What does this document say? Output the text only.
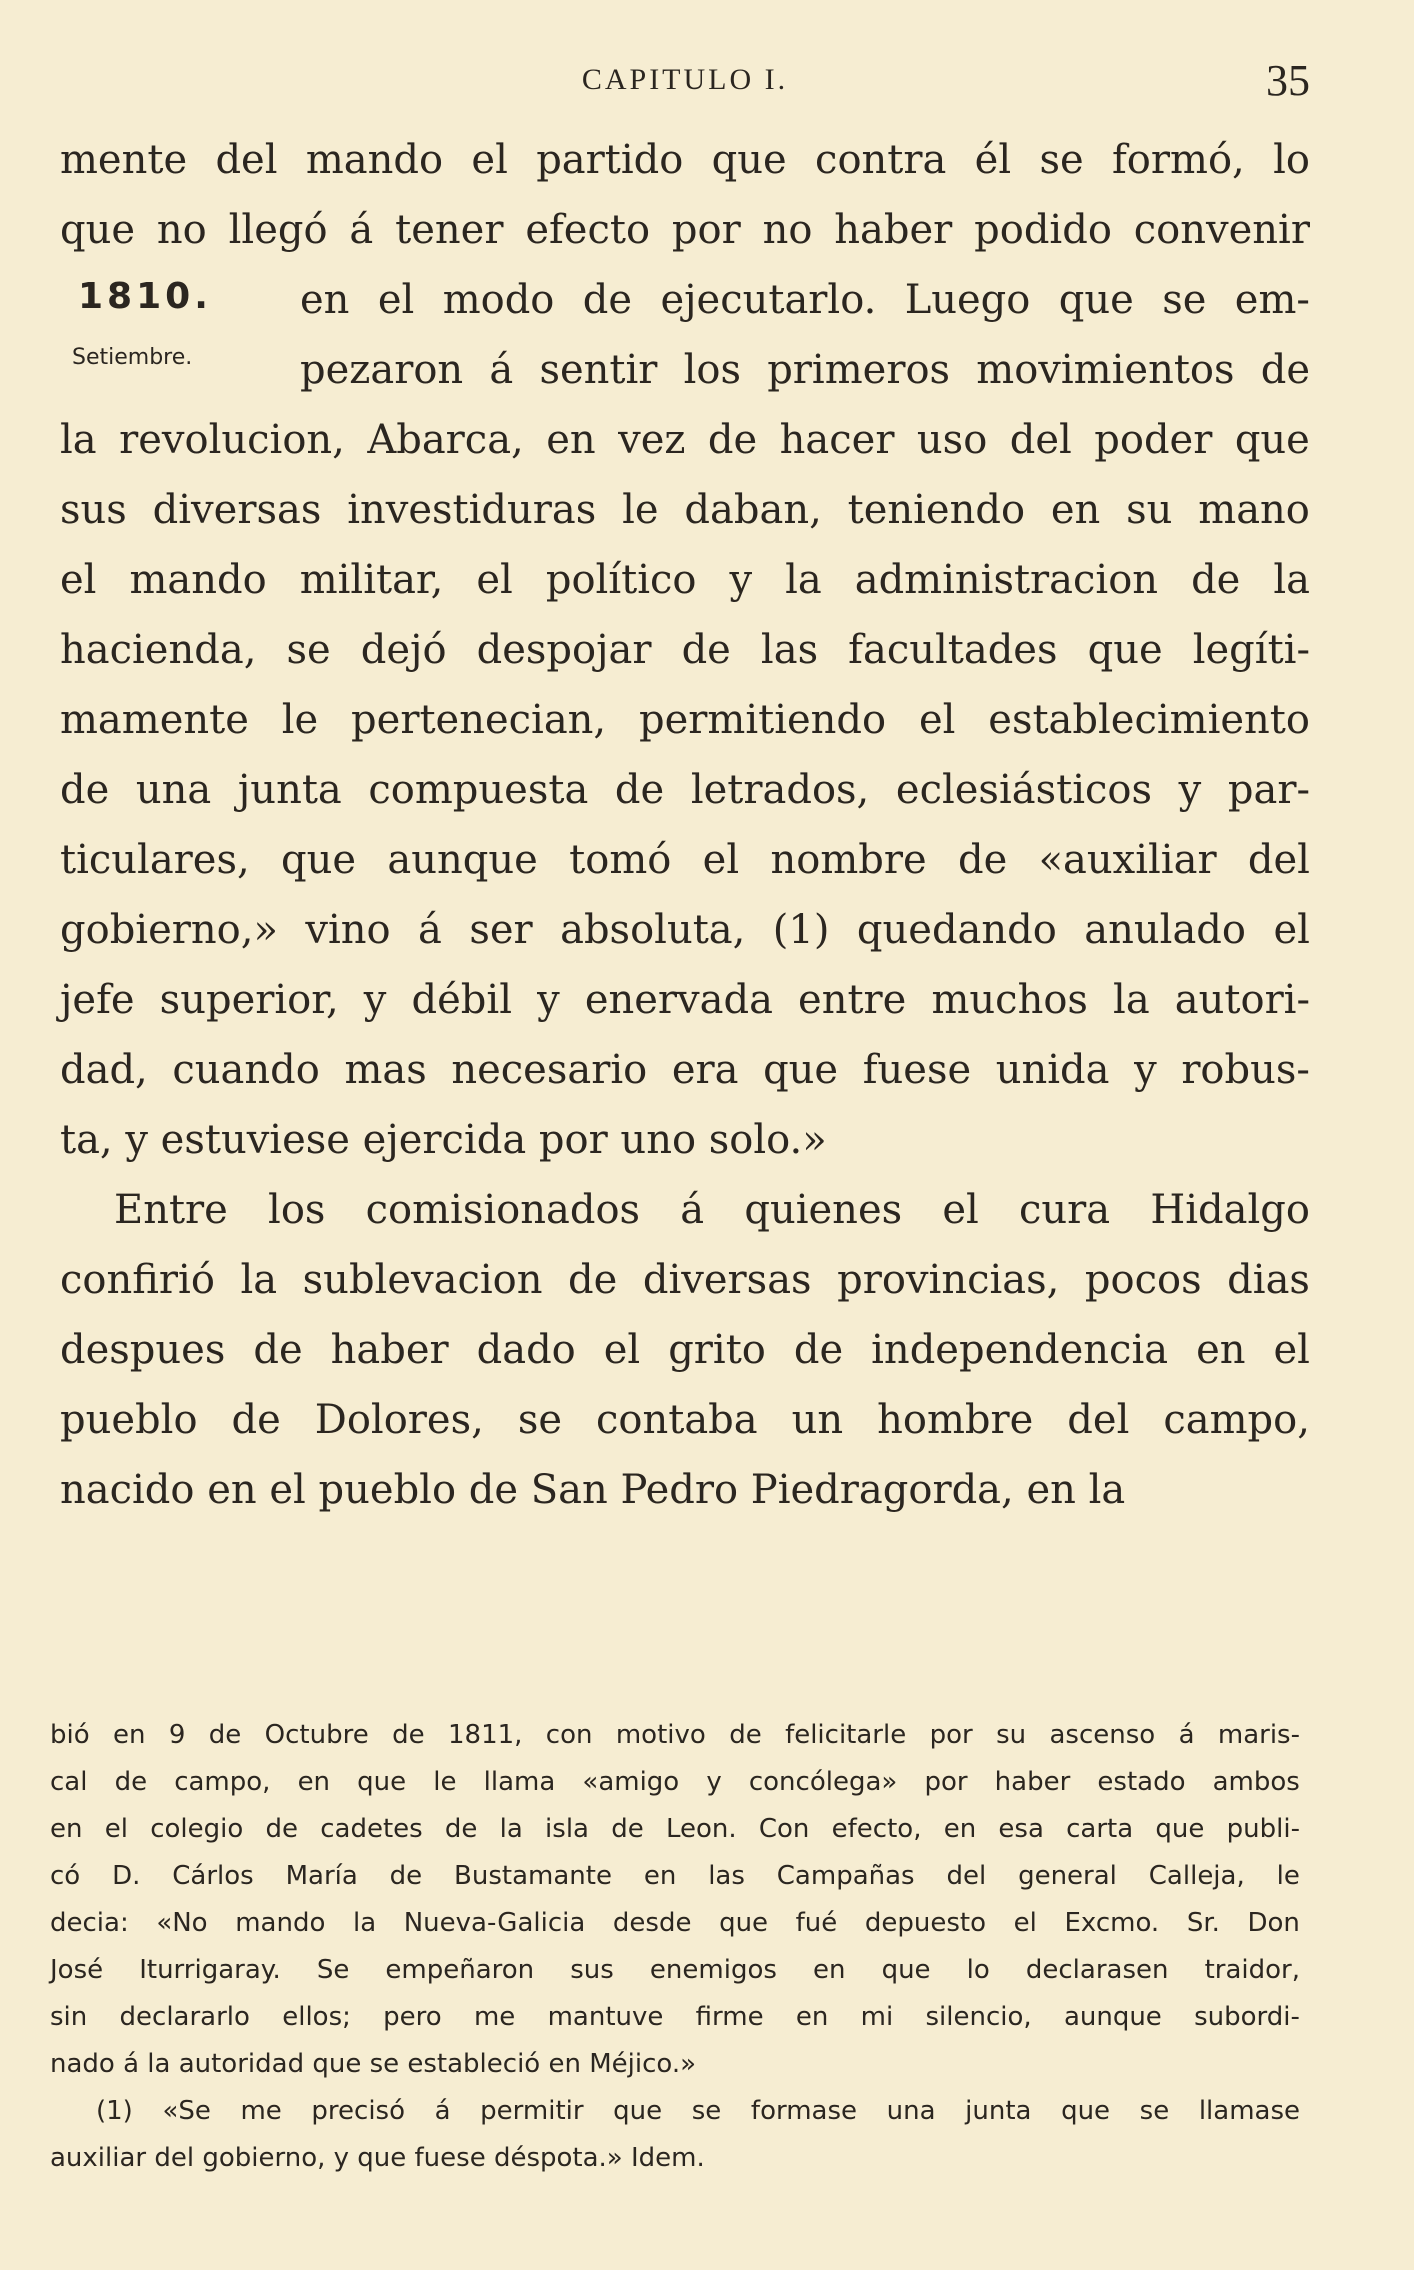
CAPITULO I.	35
1810.
Setiembre.
mente del mando el partido que contra él se formó, lo
que no llegó á tener efecto por no haber podido convenir
en el modo de ejecutarlo. Luego que se em-
pezaron á sentir los primeros movimientos de
la revolucion, Abarca, en vez de hacer uso del poder que
sus diversas investiduras le daban, teniendo en su mano
el mando militar, el político y la administracion de la
hacienda, se dejó despojar de las facultades que legíti-
mamente le pertenecian, permitiendo el establecimiento
de una junta compuesta de letrados, eclesiásticos y par-
ticulares, que aunque tomó el nombre de «auxiliar del
gobierno,» vino á ser absoluta, (1) quedando anulado el
jefe superior, y débil y enervada entre muchos la autori-
dad, cuando mas necesario era que fuese unida y robus-
ta, y estuviese ejercida por uno solo.»
Entre los comisionados á quienes el cura Hidalgo
confirió la sublevacion de diversas provincias, pocos dias
despues de haber dado el grito de independencia en el
pueblo de Dolores, se contaba un hombre del campo,
nacido en el pueblo de San Pedro Piedragorda, en la
bió en 9 de Octubre de 1811, con motivo de felicitarle por su ascenso á maris-
cal de campo, en que le llama «amigo y concólega» por haber estado ambos
en el colegio de cadetes de la isla de Leon. Con efecto, en esa carta que publi-
có D. Cárlos María de Bustamante en las Campañas del general Calleja, le
decia: «No mando la Nueva-Galicia desde que fué depuesto el Excmo. Sr. Don
José Iturrigaray. Se empeñaron sus enemigos en que lo declarasen traidor,
sin declararlo ellos; pero me mantuve firme en mi silencio, aunque subordi-
nado á la autoridad que se estableció en Méjico.»
(1) «Se me precisó á permitir que se formase una junta que se llamase
auxiliar del gobierno, y que fuese déspota.» Idem.
